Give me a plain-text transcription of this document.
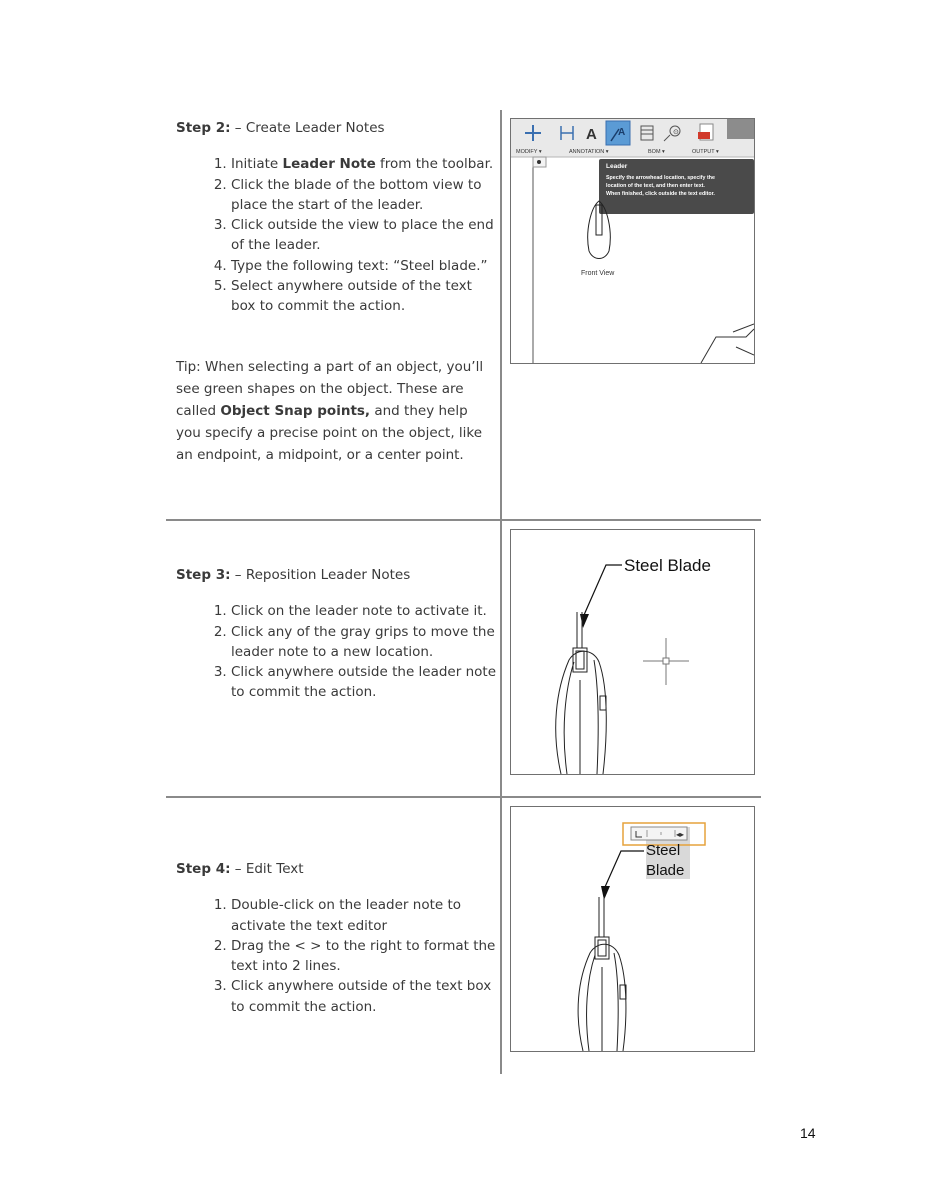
Step 2: – Create Leader Notes

1. Initiate Leader Note from the toolbar.
2. Click the blade of the bottom view to place the start of the leader.
3. Click outside the view to place the end of the leader.
4. Type the following text: “Steel blade.”
5. Select anywhere outside of the text box to commit the action.
Tip: When selecting a part of an object, you’ll see green shapes on the object. These are called Object Snap points, and they help you specify a precise point on the object, like an endpoint, a midpoint, or a center point.

Step 3: – Reposition Leader Notes

1. Click on the leader note to activate it.
2. Click any of the gray grips to move the leader note to a new location.
3. Click anywhere outside the leader note to commit the action.

Step 4: – Edit Text

1. Double-click on the leader note to activate the text editor
2. Drag the < > to the right to format the text into 2 lines.
3. Click anywhere outside of the text box to commit the action.
A A	⊙
MODIFY ▾	ANNOTATION ▾	BOM ▾	OUTPUT ▾
Leader
Specify the arrowhead location, specify the
location of the text, and then enter text.
When finished, click outside the text editor.
Front View
Steel Blade
◂▸
Steel
Blade
14
